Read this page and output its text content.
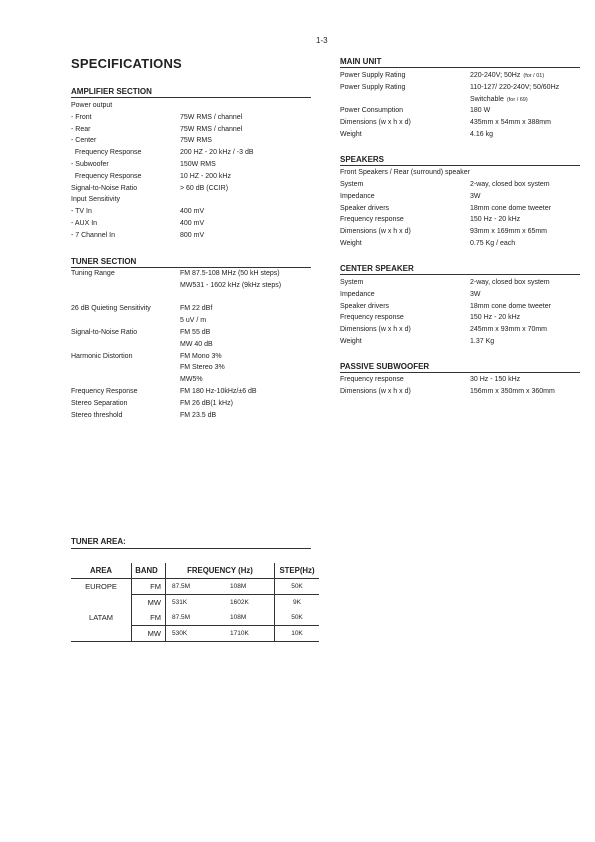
1-3
SPECIFICATIONS
AMPLIFIER SECTION
Power output
- Front	75W RMS / channel
- Rear	75W RMS / channel
- Center	75W RMS
Frequency Response	200 HZ - 20 kHz / -3 dB
- Subwoofer	150W RMS
Frequency Response	10 HZ - 200 kHz
Signal-to-Noise Ratio	> 60 dB (CCIR)
Input Sensitivity
- TV In	400 mV
- AUX In	400 mV
- 7 Channel In	800 mV
TUNER SECTION
Tuning Range	FM 87.5-108 MHz (50 kH steps)
MW531 - 1602 kHz (9kHz steps)
26 dB Quieting Sensitivity	FM 22 dBf
5 uV / m
Signal-to-Noise Ratio	FM 55 dB
MW 40 dB
Harmonic Distortion	FM Mono 3%
FM Stereo 3%
MW5%
Frequency Response	FM 180 Hz-10kHz/±6 dB
Stereo Separation	FM 26 dB(1 kHz)
Stereo threshold	FM 23.5 dB
MAIN UNIT
Power Supply Rating	220-240V; 50Hz  (for / 01)
Power Supply Rating	110-127/ 220-240V; 50/60Hz
Switchable  (for / 69)
Power Consumption	180 W
Dimensions (w x h x d)	435mm x 54mm x 388mm
Weight	4.16 kg
SPEAKERS
Front Speakers / Rear (surround) speaker
System	2-way, closed box system
Impedance	3W
Speaker drivers	18mm cone dome tweeter
Frequency response	150 Hz - 20 kHz
Dimensions (w x h x d)	93mm x 169mm x 65mm
Weight	0.75 Kg / each
CENTER SPEAKER
System	2-way, closed box system
Impedance	3W
Speaker drivers	18mm cone dome tweeter
Frequency response	150 Hz - 20 kHz
Dimensions (w x h x d)	245mm x 93mm x 70mm
Weight	1.37 Kg
PASSIVE SUBWOOFER
Frequency response	30 Hz - 150 kHz
Dimensions (w x h x d)	156mm x 350mm x 360mm
TUNER AREA:
AREA	BAND	FREQUENCY (Hz)		STEP(Hz)
EUROPE	FM	87.5M	108M	50K
	MW	531K	1602K	9K
LATAM	FM	87.5M	108M	50K
	MW	530K	1710K	10K
